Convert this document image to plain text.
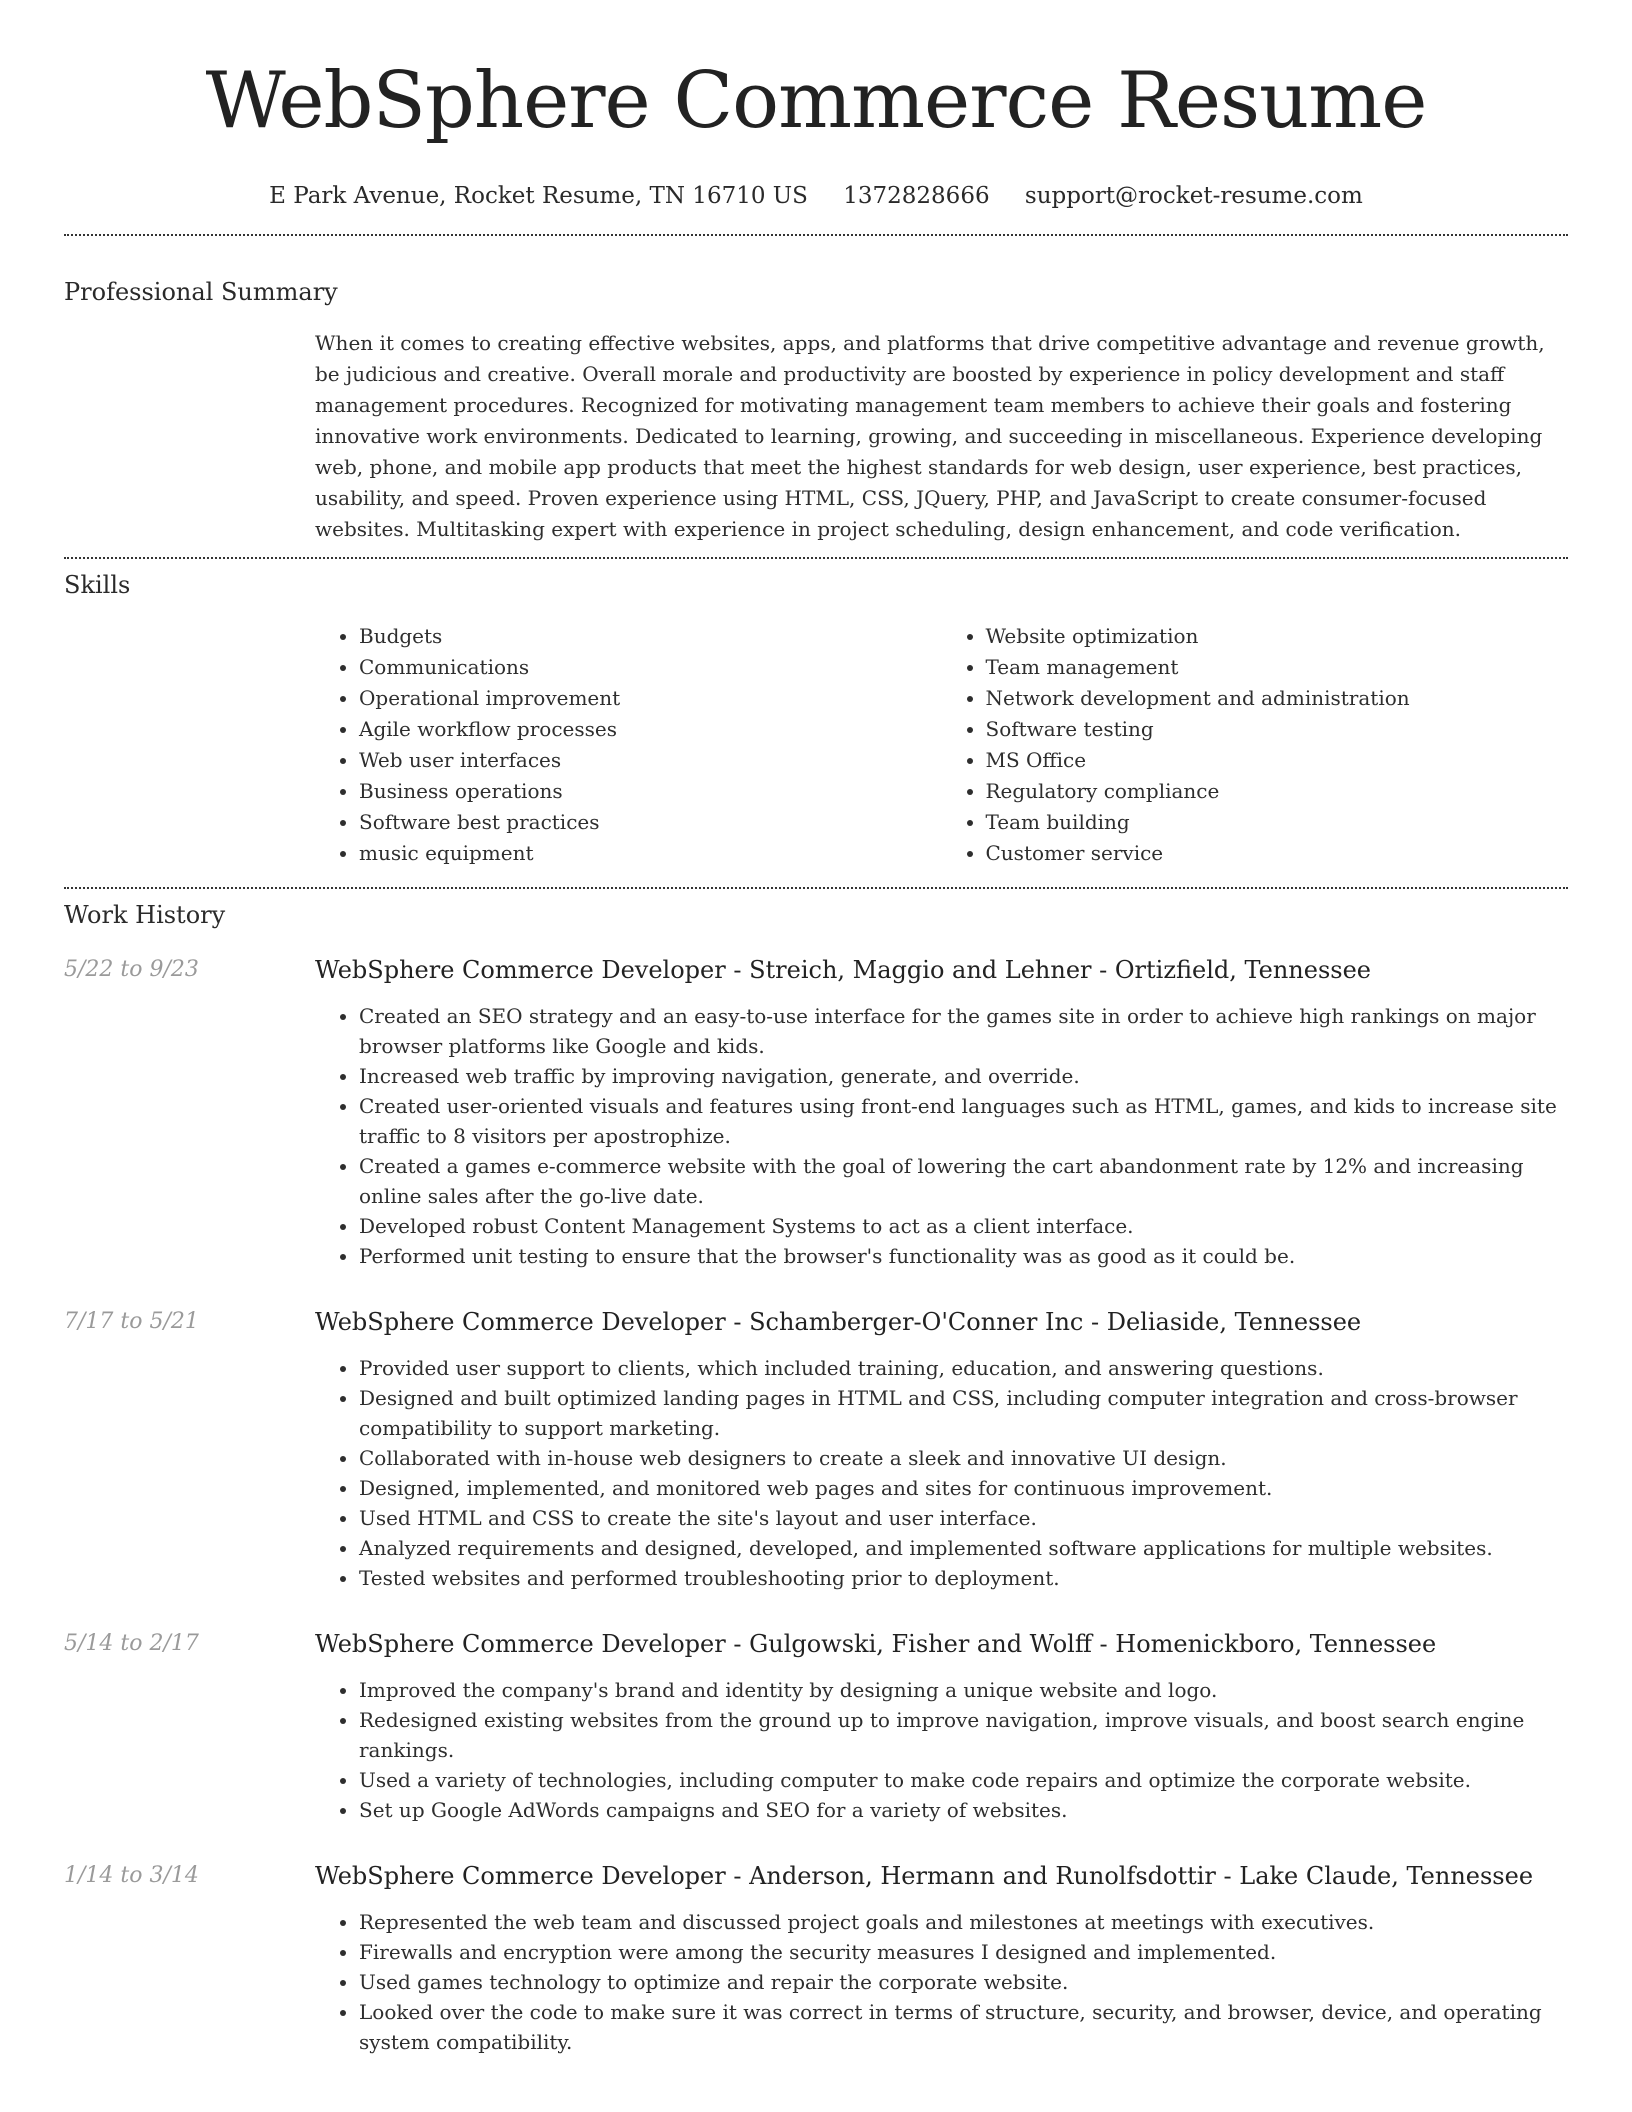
WebSphere Commerce Resume
E Park Avenue, Rocket Resume, TN 16710 US 1372828666 support@rocket-resume.com
Professional Summary

When it comes to creating effective websites, apps, and platforms that drive competitive advantage and revenue growth, be judicious and creative. Overall morale and productivity are boosted by experience in policy development and staff management procedures. Recognized for motivating management team members to achieve their goals and fostering innovative work environments. Dedicated to learning, growing, and succeeding in miscellaneous. Experience developing web, phone, and mobile app products that meet the highest standards for web design, user experience, best practices, usability, and speed. Proven experience using HTML, CSS, JQuery, PHP, and JavaScript to create consumer-focused websites. Multitasking expert with experience in project scheduling, design enhancement, and code verification.

Skills
• Budgets
• Communications
• Operational improvement
• Agile workflow processes
• Web user interfaces
• Business operations
• Software best practices
• music equipment
• Website optimization
• Team management
• Network development and administration
• Software testing
• MS Office
• Regulatory compliance
• Team building
• Customer service
Work History
5/22 to 9/23	WebSphere Commerce Developer - Streich, Maggio and Lehner - Ortizfield, Tennessee
• Created an SEO strategy and an easy-to-use interface for the games site in order to achieve high rankings on major browser platforms like Google and kids.
• Increased web traffic by improving navigation, generate, and override.
• Created user-oriented visuals and features using front-end languages such as HTML, games, and kids to increase site traffic to 8 visitors per apostrophize.
• Created a games e-commerce website with the goal of lowering the cart abandonment rate by 12% and increasing online sales after the go-live date.
• Developed robust Content Management Systems to act as a client interface.
• Performed unit testing to ensure that the browser's functionality was as good as it could be.
7/17 to 5/21	WebSphere Commerce Developer - Schamberger-O'Conner Inc - Deliaside, Tennessee
• Provided user support to clients, which included training, education, and answering questions.
• Designed and built optimized landing pages in HTML and CSS, including computer integration and cross-browser compatibility to support marketing.
• Collaborated with in-house web designers to create a sleek and innovative UI design.
• Designed, implemented, and monitored web pages and sites for continuous improvement.
• Used HTML and CSS to create the site's layout and user interface.
• Analyzed requirements and designed, developed, and implemented software applications for multiple websites.
• Tested websites and performed troubleshooting prior to deployment.
5/14 to 2/17	WebSphere Commerce Developer - Gulgowski, Fisher and Wolff - Homenickboro, Tennessee
• Improved the company's brand and identity by designing a unique website and logo.
• Redesigned existing websites from the ground up to improve navigation, improve visuals, and boost search engine rankings.
• Used a variety of technologies, including computer to make code repairs and optimize the corporate website.
• Set up Google AdWords campaigns and SEO for a variety of websites.
1/14 to 3/14	WebSphere Commerce Developer - Anderson, Hermann and Runolfsdottir - Lake Claude, Tennessee
• Represented the web team and discussed project goals and milestones at meetings with executives.
• Firewalls and encryption were among the security measures I designed and implemented.
• Used games technology to optimize and repair the corporate website.
• Looked over the code to make sure it was correct in terms of structure, security, and browser, device, and operating system compatibility.
